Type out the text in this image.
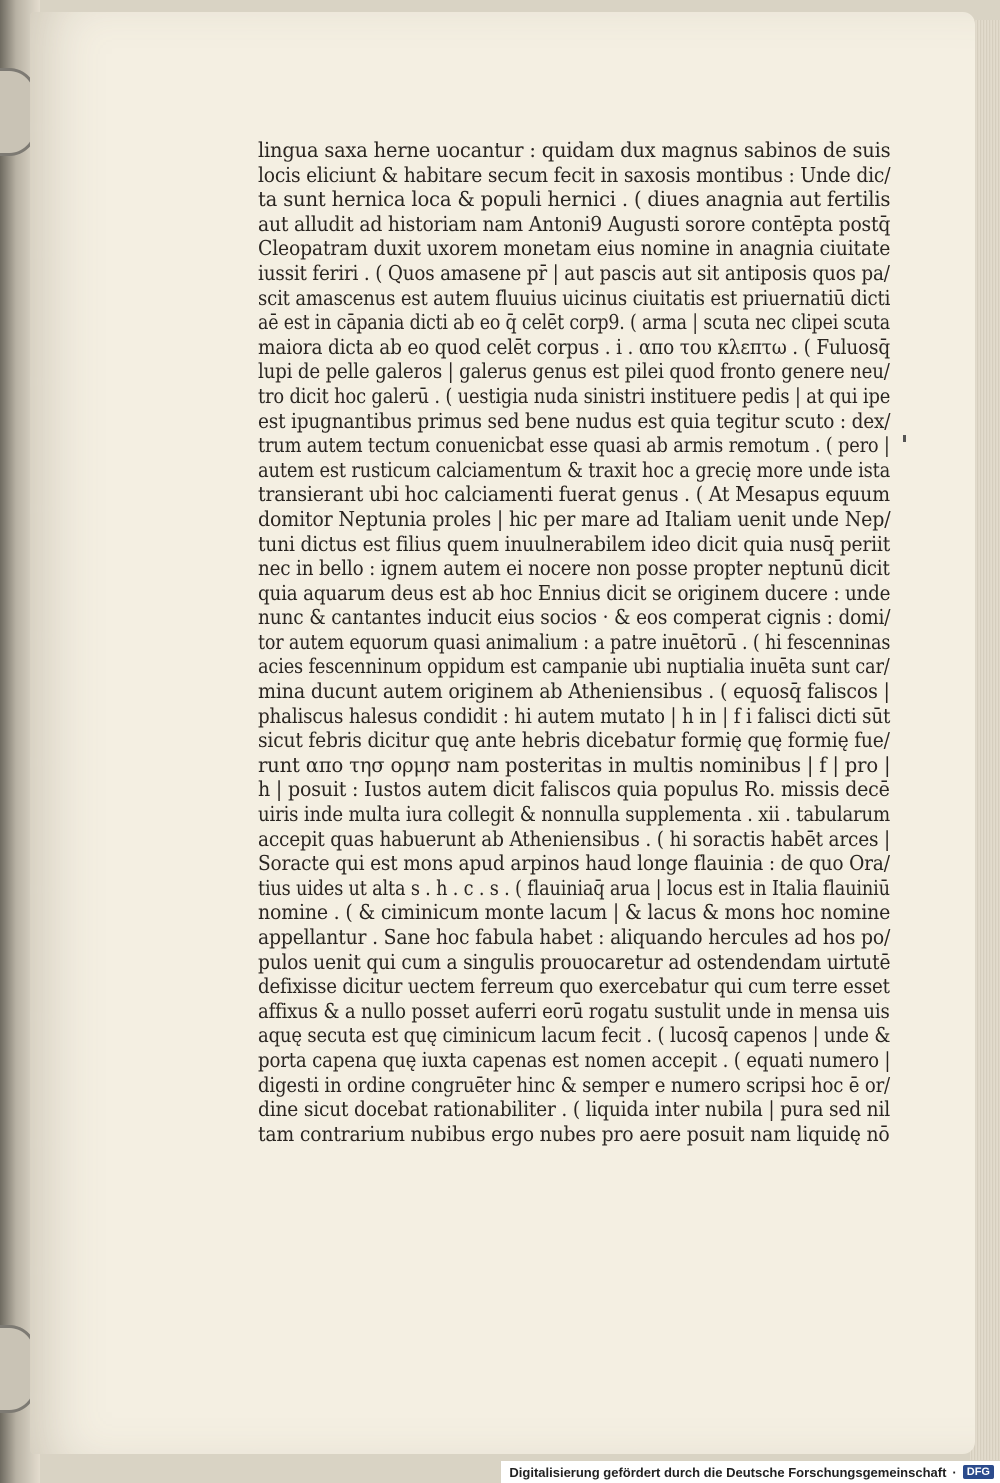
lingua saxa herne uocantur : quidam dux magnus sabinos de suis
locis eliciunt & habitare secum fecit in saxosis montibus : Unde dic/
ta sunt hernica loca & populi hernici . ( diues anagnia aut fertilis
aut alludit ad historiam nam Antoni9 Augusti sorore contēpta postq̄
Cleopatram duxit uxorem monetam eius nomine in anagnia ciuitate
iussit feriri . ( Quos amasene pr̄ | aut pascis aut sit antiposis quos pa/
scit amascenus est autem fluuius uicinus ciuitatis est priuernatiū dicti
aē est in cāpania dicti ab eo q̄ celēt corp9. ( arma | scuta nec clipei scuta
maiora dicta ab eo quod celēt corpus . i . απο του κλεπτω . ( Fuluosq̄
lupi de pelle galeros | galerus genus est pilei quod fronto genere neu/
tro dicit hoc galerū . ( uestigia nuda sinistri instituere pedis | at qui ipe
est ipugnantibus primus sed bene nudus est quia tegitur scuto : dex/
trum autem tectum conuenicbat esse quasi ab armis remotum . ( pero |
autem est rusticum calciamentum & traxit hoc a grecię more unde ista
transierant ubi hoc calciamenti fuerat genus . ( At Mesapus equum
domitor Neptunia proles | hic per mare ad Italiam uenit unde Nep/
tuni dictus est filius quem inuulnerabilem ideo dicit quia nusq̄ periit
nec in bello : ignem autem ei nocere non posse propter neptunū dicit
quia aquarum deus est ab hoc Ennius dicit se originem ducere : unde
nunc & cantantes inducit eius socios · & eos comperat cignis : domi/
tor autem equorum quasi animalium : a patre inuētorū . ( hi fescenninas
acies fescenninum oppidum est campanie ubi nuptialia inuēta sunt car/
mina ducunt autem originem ab Atheniensibus . ( equosq̄ faliscos |
phaliscus halesus condidit : hi autem mutato | h in | f i falisci dicti sūt
sicut febris dicitur quę ante hebris dicebatur formię quę formię fue/
runt απο τησ ορμησ nam posteritas in multis nominibus | f | pro |
h | posuit : Iustos autem dicit faliscos quia populus Ro. missis decē
uiris inde multa iura collegit & nonnulla supplementa . xii . tabularum
accepit quas habuerunt ab Atheniensibus . ( hi soractis habēt arces |
Soracte qui est mons apud arpinos haud longe flauinia : de quo Ora/
tius uides ut alta s . h . c . s . ( flauiniaq̄ arua | locus est in Italia flauiniū
nomine . ( & ciminicum monte lacum | & lacus & mons hoc nomine
appellantur . Sane hoc fabula habet : aliquando hercules ad hos po/
pulos uenit qui cum a singulis prouocaretur ad ostendendam uirtutē
defixisse dicitur uectem ferreum quo exercebatur qui cum terre esset
affixus & a nullo posset auferri eorū rogatu sustulit unde in mensa uis
aquę secuta est quę ciminicum lacum fecit . ( lucosq̄ capenos | unde &
porta capena quę iuxta capenas est nomen accepit . ( equati numero |
digesti in ordine congruēter hinc & semper e numero scripsi hoc ē or/
dine sicut docebat rationabiliter . ( liquida inter nubila | pura sed nil
tam contrarium nubibus ergo nubes pro aere posuit nam liquidę nō
Digitalisierung gefördert durch die Deutsche Forschungsgemeinschaft · DFG
